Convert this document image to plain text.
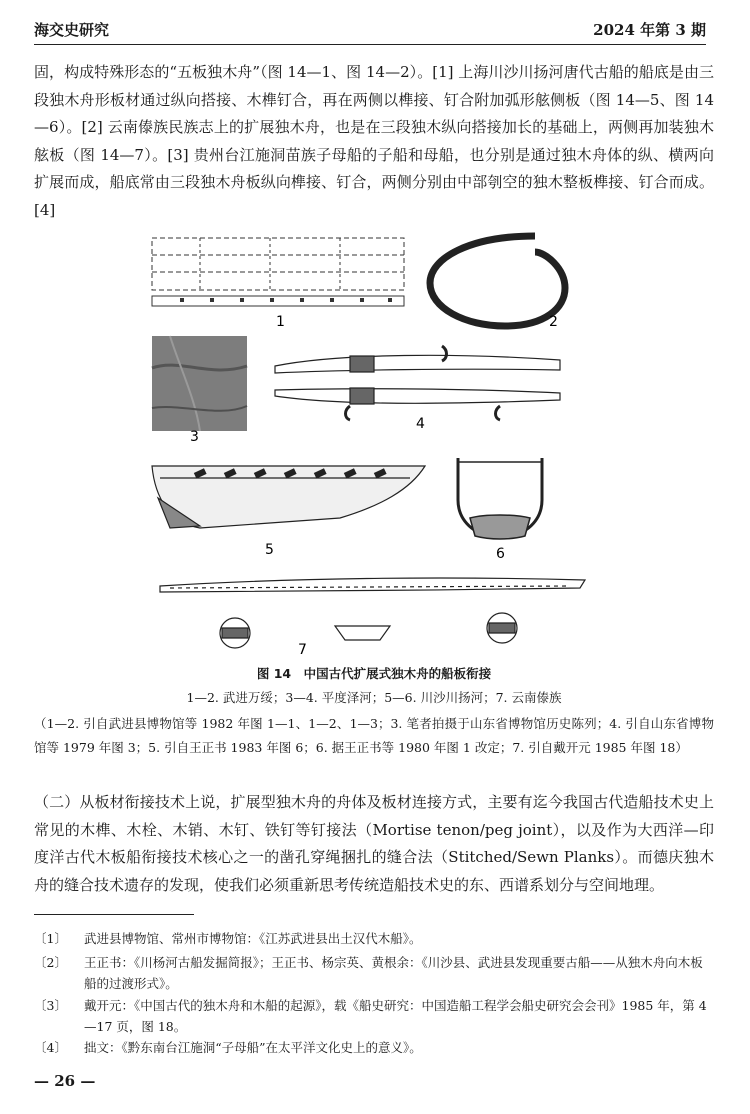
海交史研究	2024 年第 3 期
固，构成特殊形态的“五板独木舟”（图 14—1、图 14—2）。[1] 上海川沙川扬河唐代古船的船底是由三段独木舟形板材通过纵向搭接、木榫钉合，再在两侧以榫接、钉合附加弧形舷侧板（图 14—5、图 14—6）。[2] 云南傣族民族志上的扩展独木舟，也是在三段独木纵向搭接加长的基础上，两侧再加装独木舷板（图 14—7）。[3] 贵州台江施洞苗族子母船的子船和母船，也分别是通过独木舟体的纵、横两向扩展而成，船底常由三段独木舟板纵向榫接、钉合，两侧分别由中部刳空的独木整板榫接、钉合而成。[4]
1	2
3
4
5	6
7
图 14　中国古代扩展式独木舟的船板衔接
1—2. 武进万绥；3—4. 平度泽河；5—6. 川沙川扬河；7. 云南傣族
（1—2. 引自武进县博物馆等 1982 年图 1—1、1—2、1—3；3. 笔者拍摄于山东省博物馆历史陈列；4. 引自山东省博物馆等 1979 年图 3；5. 引自王正书 1983 年图 6；6. 据王正书等 1980 年图 1 改定；7. 引自戴开元 1985 年图 18）
（二）从板材衔接技术上说，扩展型独木舟的舟体及板材连接方式，主要有迄今我国古代造船技术史上常见的木榫、木栓、木销、木钉、铁钉等钉接法（Mortise tenon/peg joint），以及作为大西洋—印度洋古代木板船衔接技术核心之一的凿孔穿绳捆扎的缝合法（Stitched/Sewn Planks）。而德庆独木舟的缝合技术遗存的发现，使我们必须重新思考传统造船技术史的东、西谱系划分与空间地理。
〔1〕	武进县博物馆、常州市博物馆：《江苏武进县出土汉代木船》。
〔2〕	王正书：《川杨河古船发掘简报》；王正书、杨宗英、黄根余：《川沙县、武进县发现重要古船——从独木舟向木板船的过渡形式》。
〔3〕	戴开元：《中国古代的独木舟和木船的起源》，载《船史研究：中国造船工程学会船史研究会会刊》1985 年，第 4—17 页，图 18。
〔4〕	拙文：《黔东南台江施洞“子母船”在太平洋文化史上的意义》。
— 26 —
